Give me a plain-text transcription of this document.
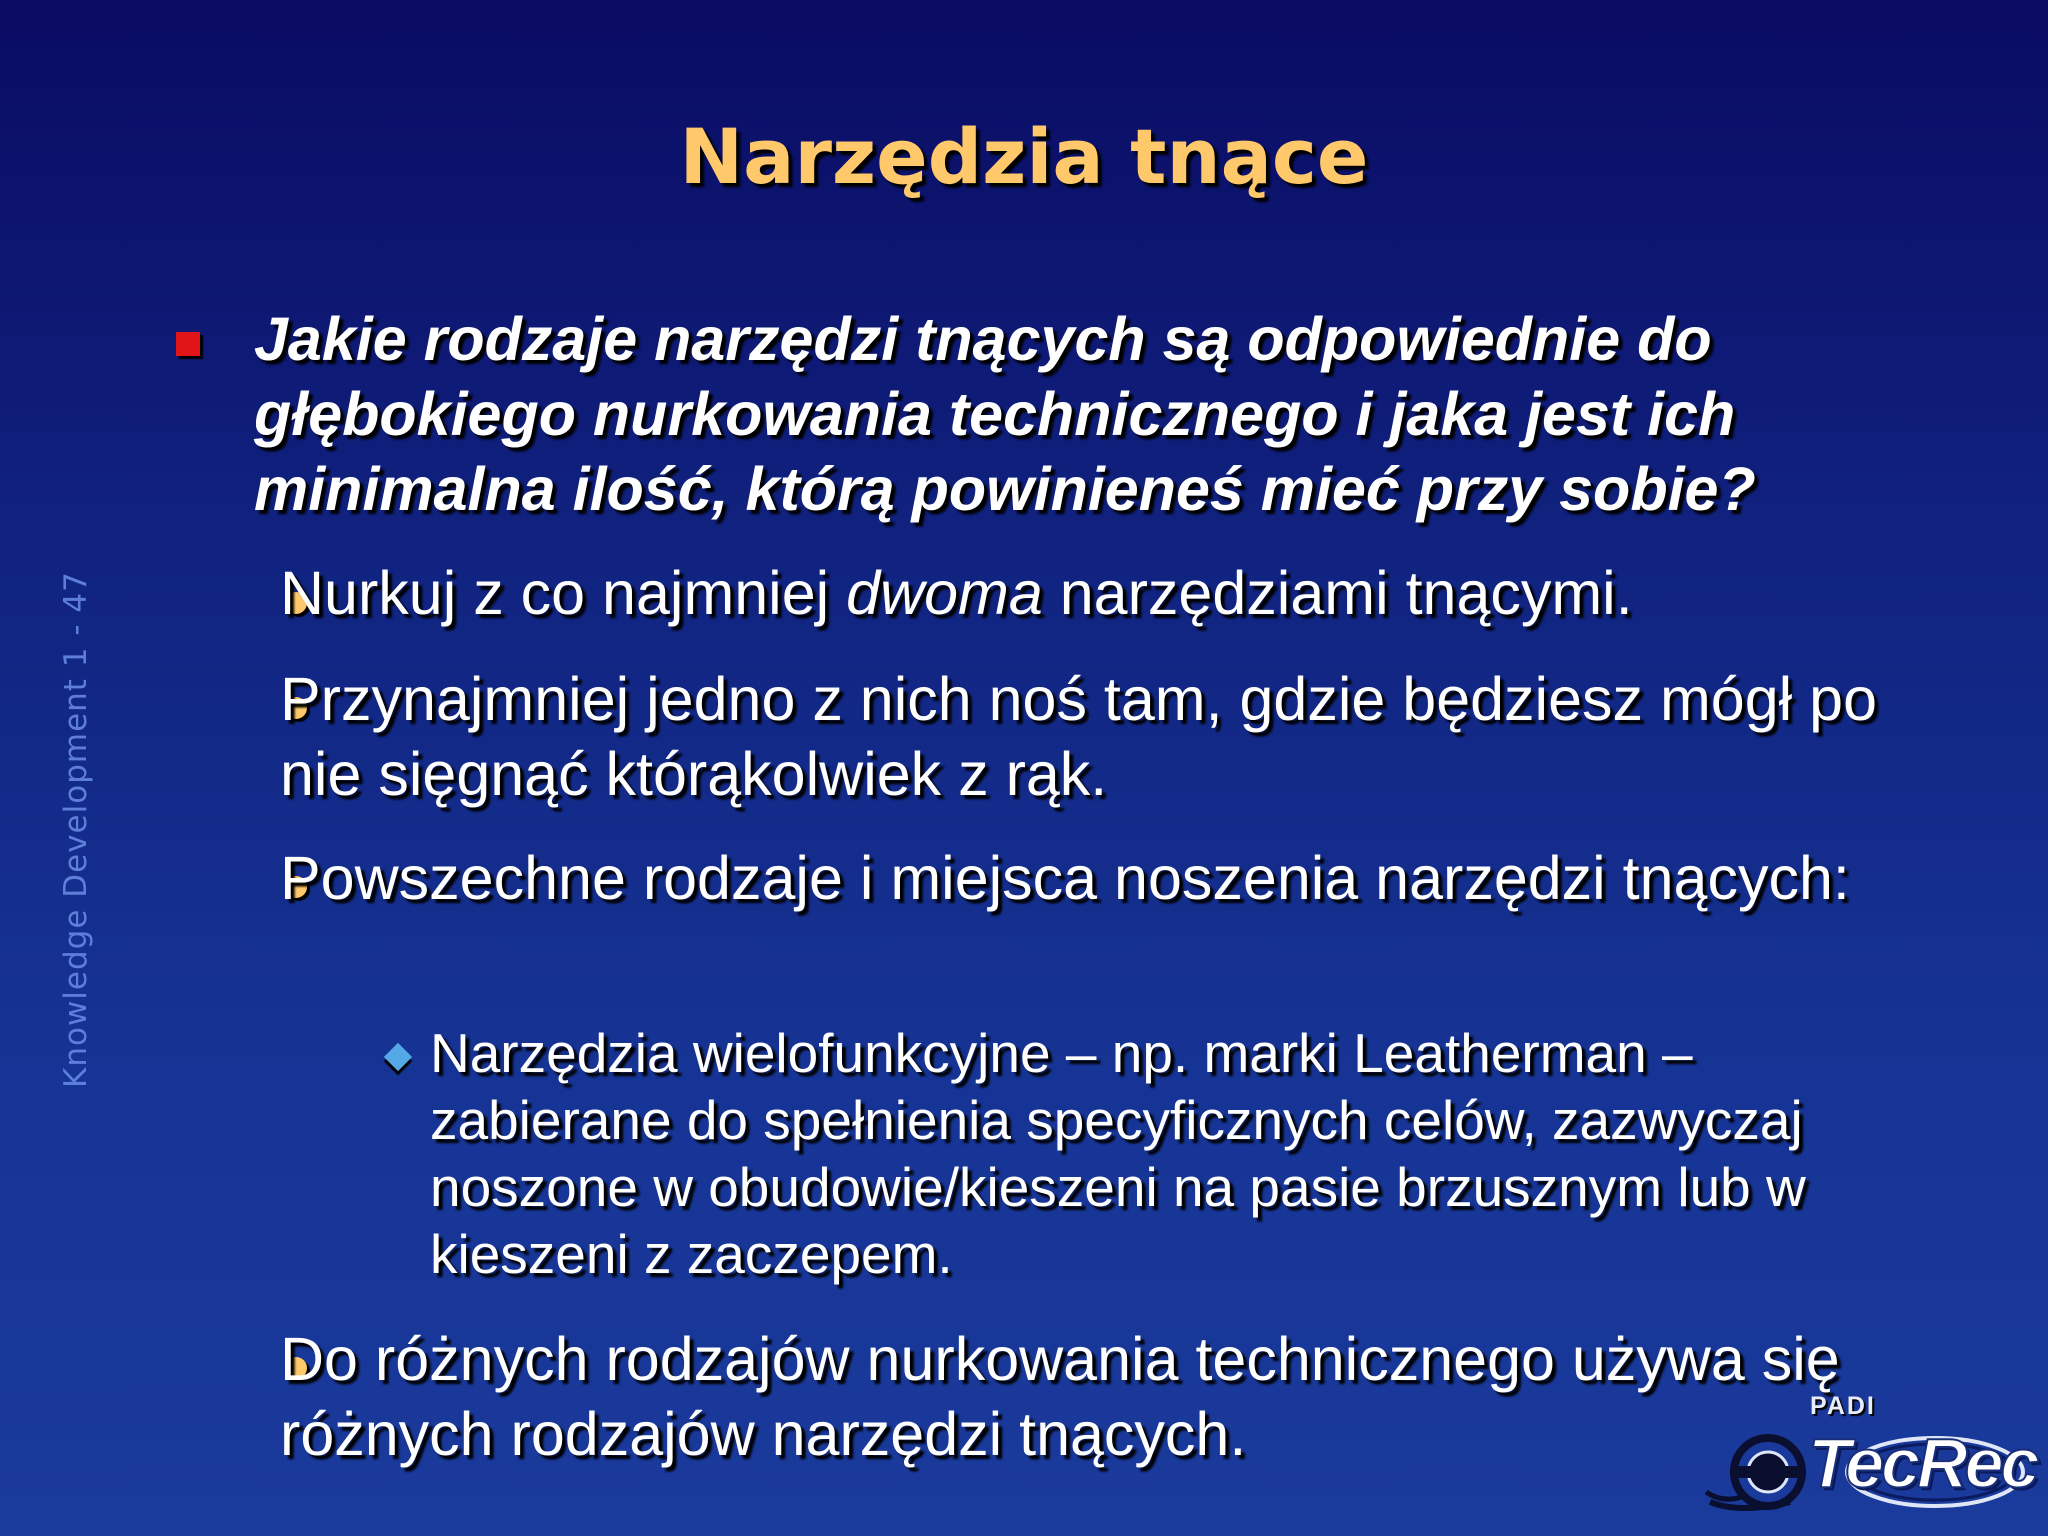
Narzędzia tnące
Knowledge Development 1 - 47
Jakie rodzaje narzędzi tnących są odpowiednie do głębokiego nurkowania technicznego i jaka jest ich minimalna ilość, którą powinieneś mieć przy sobie?
Nurkuj z co najmniej dwoma narzędziami tnącymi.
Przynajmniej jedno z nich noś tam, gdzie będziesz mógł po nie sięgnąć którąkolwiek z rąk.
Powszechne rodzaje i miejsca noszenia narzędzi tnących:
Narzędzia wielofunkcyjne – np. marki Leatherman – zabierane do spełnienia specyficznych celów, zazwyczaj noszone w obudowie/kieszeni na pasie brzusznym lub w kieszeni z zaczepem.
Do różnych rodzajów nurkowania technicznego używa się różnych rodzajów narzędzi tnących.	PADI
TecRec
